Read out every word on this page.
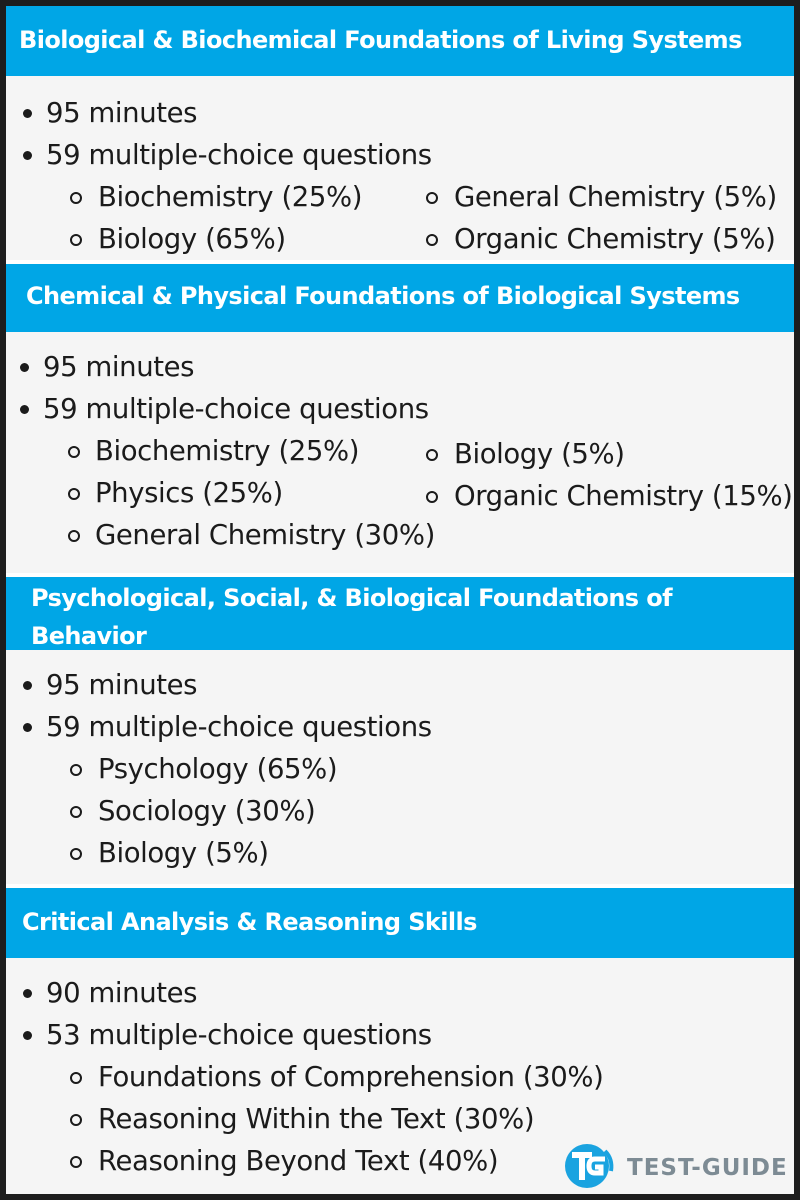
Biological & Biochemical Foundations of Living Systems
95 minutes
59 multiple-choice questions
Biochemistry (25%)
Biology (65%)
General Chemistry (5%)
Organic Chemistry (5%)
Chemical & Physical Foundations of Biological Systems
95 minutes
59 multiple-choice questions
Biochemistry (25%)
Physics (25%)
General Chemistry (30%)
Biology (5%)
Organic Chemistry (15%)
Psychological, Social, & Biological Foundations of
Behavior
95 minutes
59 multiple-choice questions
Psychology (65%)
Sociology (30%)
Biology (5%)
Critical Analysis & Reasoning Skills
90 minutes
53 multiple-choice questions
Foundations of Comprehension (30%)
Reasoning Within the Text (30%)
Reasoning Beyond Text (40%)	TEST-GUIDE
